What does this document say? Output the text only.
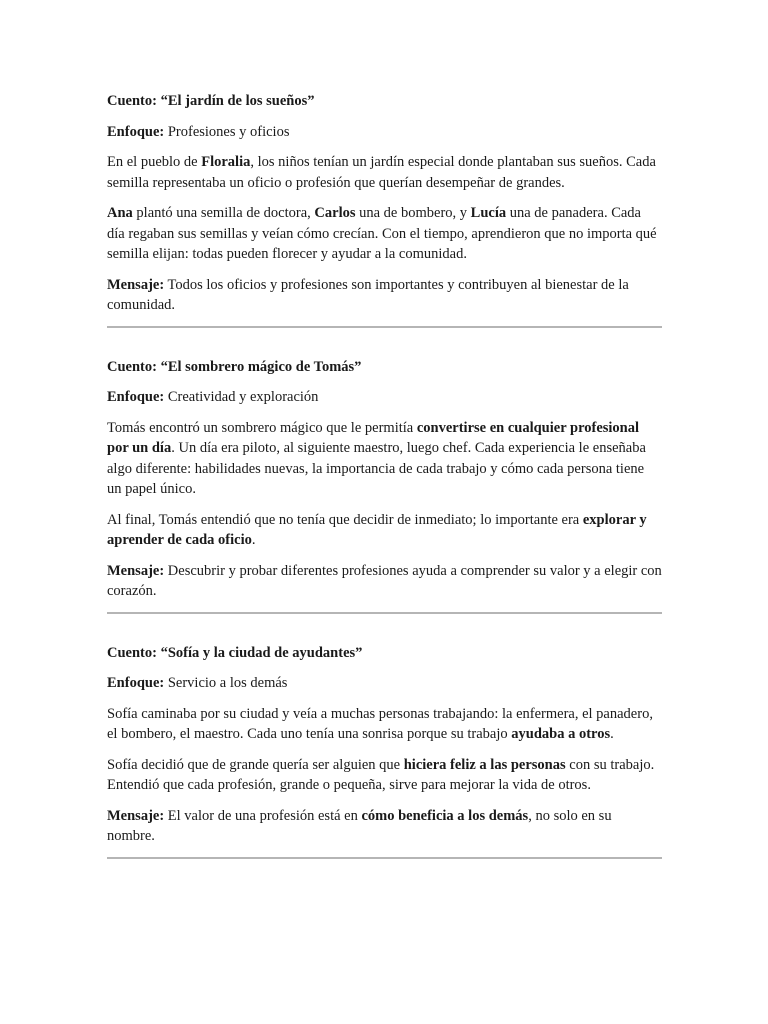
Cuento: “El jardín de los sueños”

Enfoque: Profesiones y oficios

En el pueblo de Floralia, los niños tenían un jardín especial donde plantaban sus sueños. Cada semilla representaba un oficio o profesión que querían desempeñar de grandes.

Ana plantó una semilla de doctora, Carlos una de bombero, y Lucía una de panadera. Cada día regaban sus semillas y veían cómo crecían. Con el tiempo, aprendieron que no importa qué semilla elijan: todas pueden florecer y ayudar a la comunidad.

Mensaje: Todos los oficios y profesiones son importantes y contribuyen al bienestar de la comunidad.

Cuento: “El sombrero mágico de Tomás”

Enfoque: Creatividad y exploración

Tomás encontró un sombrero mágico que le permitía convertirse en cualquier profesional por un día. Un día era piloto, al siguiente maestro, luego chef. Cada experiencia le enseñaba algo diferente: habilidades nuevas, la importancia de cada trabajo y cómo cada persona tiene un papel único.

Al final, Tomás entendió que no tenía que decidir de inmediato; lo importante era explorar y aprender de cada oficio.

Mensaje: Descubrir y probar diferentes profesiones ayuda a comprender su valor y a elegir con corazón.

Cuento: “Sofía y la ciudad de ayudantes”

Enfoque: Servicio a los demás

Sofía caminaba por su ciudad y veía a muchas personas trabajando: la enfermera, el panadero, el bombero, el maestro. Cada uno tenía una sonrisa porque su trabajo ayudaba a otros.

Sofía decidió que de grande quería ser alguien que hiciera feliz a las personas con su trabajo. Entendió que cada profesión, grande o pequeña, sirve para mejorar la vida de otros.

Mensaje: El valor de una profesión está en cómo beneficia a los demás, no solo en su nombre.
